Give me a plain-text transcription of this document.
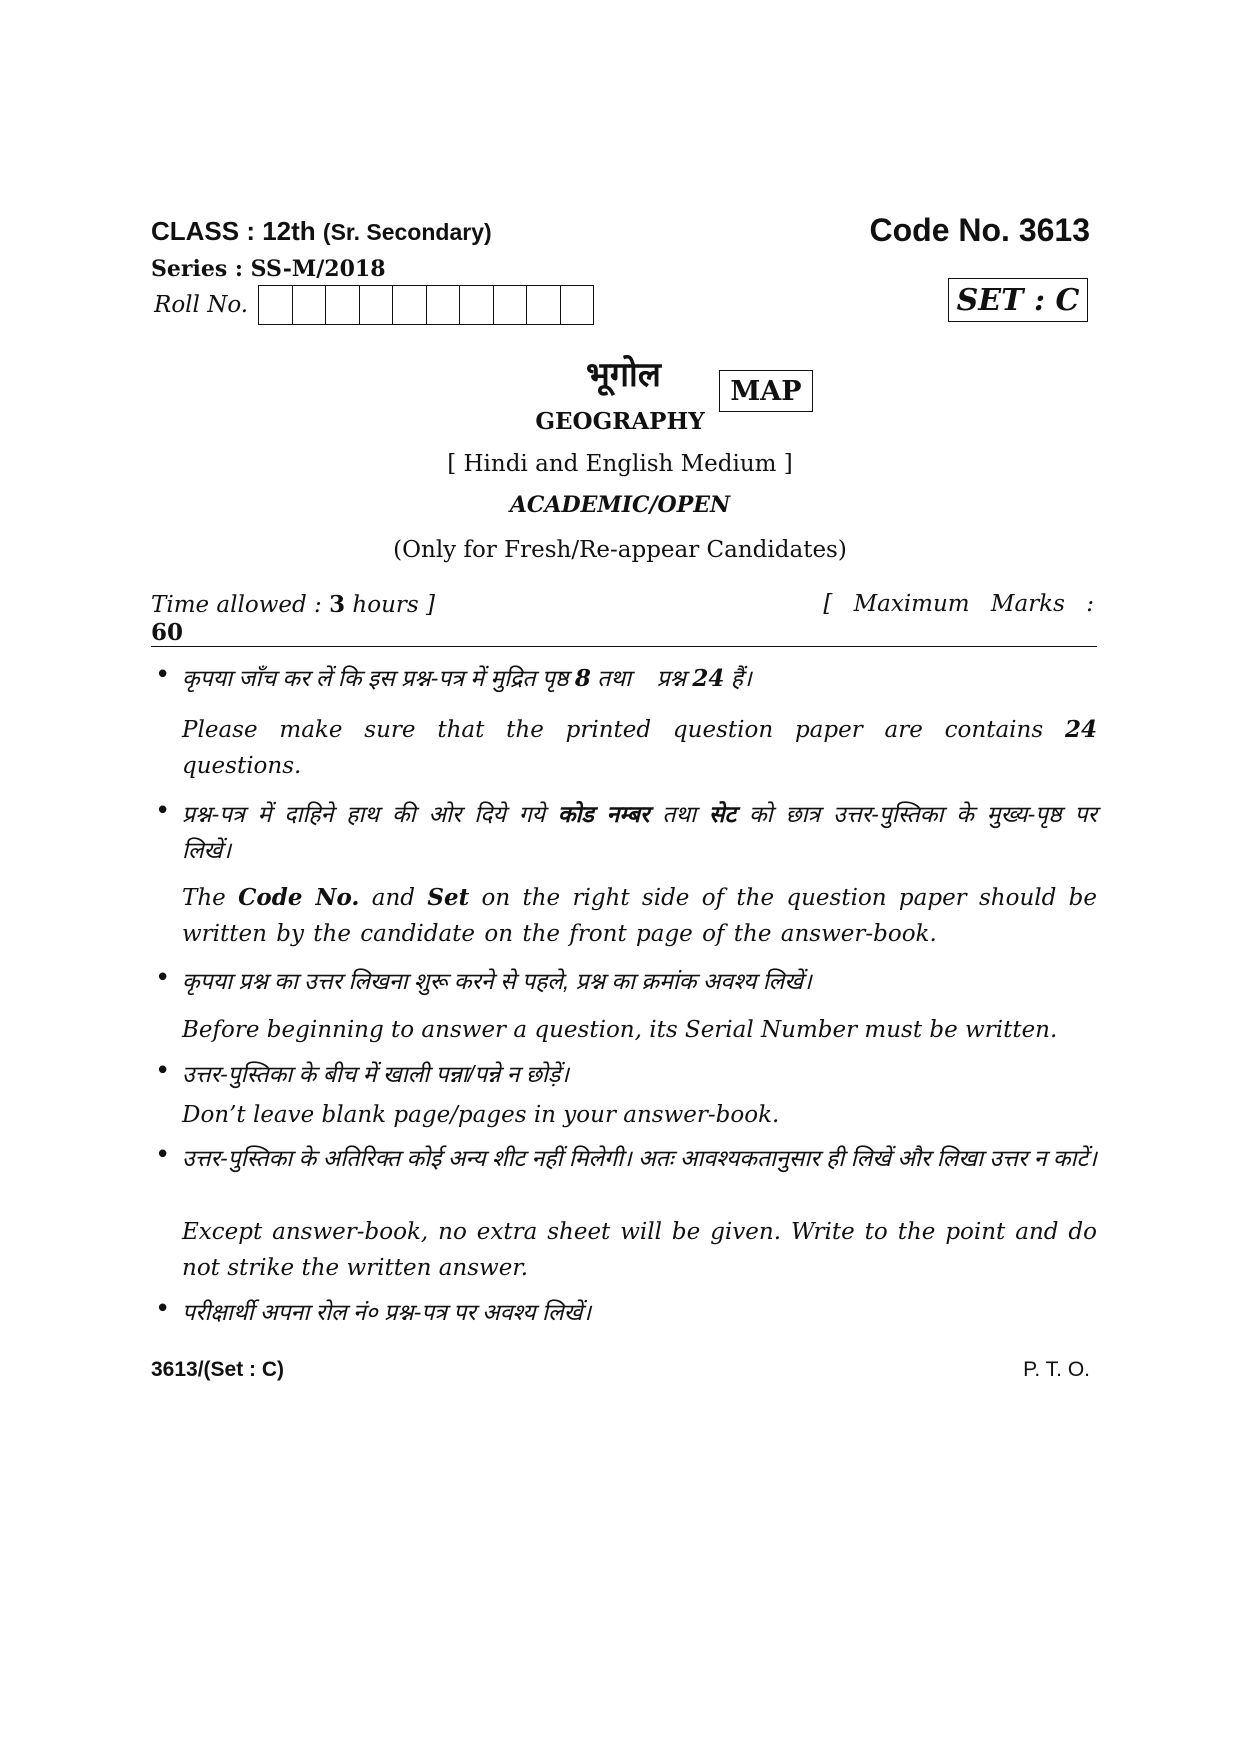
CLASS : 12th (Sr. Secondary)
Series : SS-M/2018
Code No. 3613
Roll No.	SET : C
भूगोल	MAP
GEOGRAPHY
[ Hindi and English Medium ]
ACADEMIC/OPEN
(Only for Fresh/Re-appear Candidates)
Time allowed : 3 hours ]
60
[ Maximum Marks :
कृपया जाँच कर लें कि इस प्रश्न-पत्र में मुद्रित पृष्ठ 8 तथा    प्रश्न 24 हैं।
Please make sure that the printed question paper are contains 24 questions.
प्रश्न-पत्र में दाहिने हाथ की ओर दिये गये कोड नम्बर तथा सेट को छात्र उत्तर-पुस्तिका के मुख्य-पृष्ठ पर लिखें।
The Code No. and Set on the right side of the question paper should be written by the candidate on the front page of the answer-book.
कृपया प्रश्न का उत्तर लिखना शुरू करने से पहले, प्रश्न का क्रमांक अवश्य लिखें।
Before beginning to answer a question, its Serial Number must be written.
उत्तर-पुस्तिका के बीच में खाली पन्ना/पन्ने न छोड़ें।
Don’t leave blank page/pages in your answer-book.
उत्तर-पुस्तिका के अतिरिक्त कोई अन्य शीट नहीं मिलेगी। अतः आवश्यकतानुसार ही लिखें और लिखा उत्तर न काटें।
Except answer-book, no extra sheet will be given. Write to the point and do not strike the written answer.
परीक्षार्थी अपना रोल नं० प्रश्न-पत्र पर अवश्य लिखें।
3613/(Set : C)	P. T. O.
